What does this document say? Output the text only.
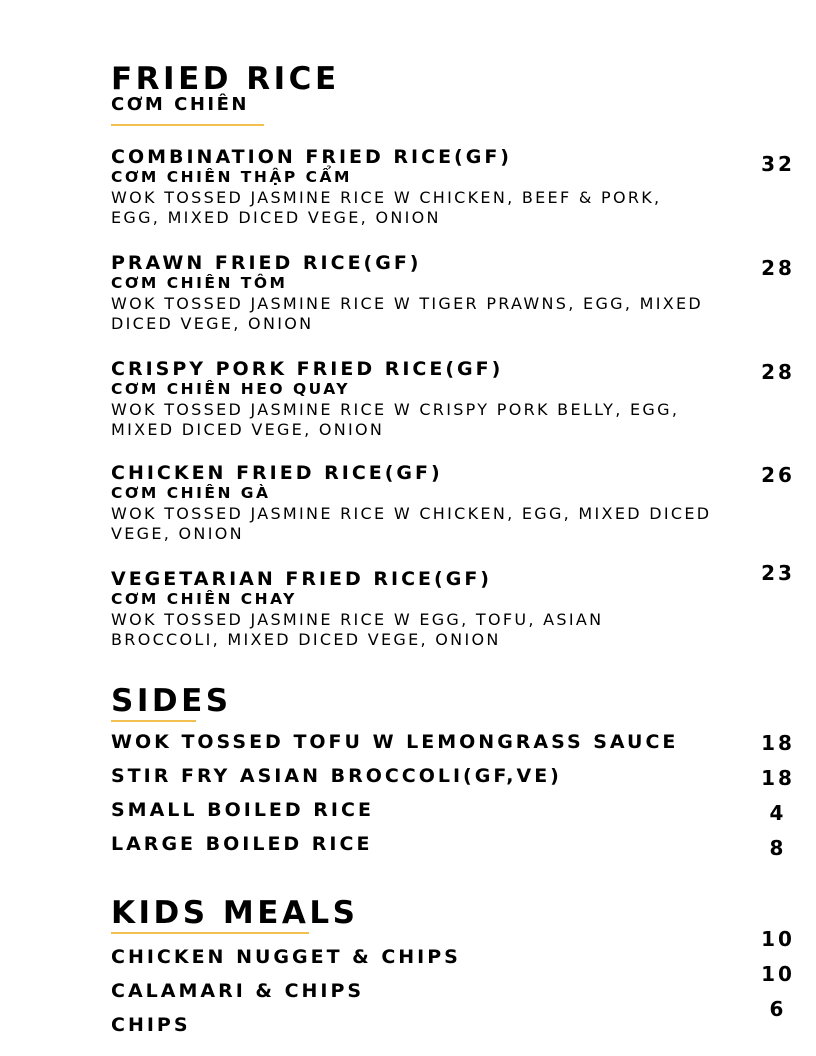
FRIED RICE
CƠM CHIÊN
COMBINATION FRIED RICE(GF)
CƠM CHIÊN THẬP CẨM
WOK TOSSED JASMINE RICE W CHICKEN, BEEF & PORK, EGG, MIXED DICED VEGE, ONION
32
PRAWN FRIED RICE(GF)
CƠM CHIÊN TÔM
WOK TOSSED JASMINE RICE W TIGER PRAWNS, EGG, MIXED DICED VEGE, ONION
28
CRISPY PORK FRIED RICE(GF)
CƠM CHIÊN HEO QUAY
WOK TOSSED JASMINE RICE W CRISPY PORK BELLY, EGG, MIXED DICED VEGE, ONION
28
CHICKEN FRIED RICE(GF)
CƠM CHIÊN GÀ
WOK TOSSED JASMINE RICE W CHICKEN, EGG, MIXED DICED VEGE, ONION
26
VEGETARIAN FRIED RICE(GF)
CƠM CHIÊN CHAY
WOK TOSSED JASMINE RICE W EGG, TOFU, ASIAN BROCCOLI, MIXED DICED VEGE, ONION
23
SIDES
WOK TOSSED TOFU W LEMONGRASS SAUCE	18
STIR FRY ASIAN BROCCOLI(GF,VE)	18
SMALL BOILED RICE	4
LARGE BOILED RICE	8
KIDS MEALS
CHICKEN NUGGET & CHIPS
10
CALAMARI & CHIPS
10
CHIPS
6
